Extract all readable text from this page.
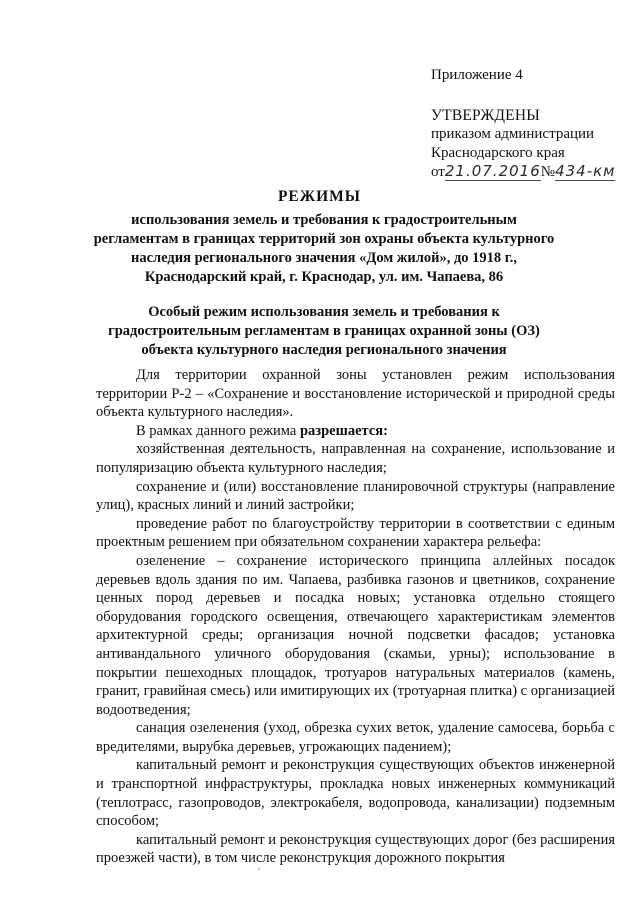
Приложение 4
УТВЕРЖДЕНЫ
приказом администрации
Краснодарского края
от21.07.2016№434-км
РЕЖИМЫ
использования земель и требования к градостроительным регламентам в границах территорий зон охраны объекта культурного наследия регионального значения «Дом жилой», до 1918 г., Краснодарский край, г. Краснодар, ул. им. Чапаева, 86
Особый режим использования земель и требования к градостроительным регламентам в границах охранной зоны (ОЗ) объекта культурного наследия регионального значения

Для территории охранной зоны установлен режим использования территории Р-2 – «Сохранение и восстановление исторической и природной среды объекта культурного наследия».

В рамках данного режима разрешается:

хозяйственная деятельность, направленная на сохранение, использование и популяризацию объекта культурного наследия;

сохранение и (или) восстановление планировочной структуры (направление улиц), красных линий и линий застройки;

проведение работ по благоустройству территории в соответствии с единым проектным решением при обязательном сохранении характера рельефа:

озеленение – сохранение исторического принципа аллейных посадок деревьев вдоль здания по им. Чапаева, разбивка газонов и цветников, сохранение ценных пород деревьев и посадка новых; установка отдельно стоящего оборудования городского освещения, отвечающего характеристикам элементов архитектурной среды; организация ночной подсветки фасадов; установка антивандального уличного оборудования (скамьи, урны); использование в покрытии пешеходных площадок, тротуаров натуральных материалов (камень, гранит, гравийная смесь) или имитирующих их (тротуарная плитка) с организацией водоотведения;

санация озеленения (уход, обрезка сухих веток, удаление самосева, борьба с вредителями, вырубка деревьев, угрожающих падением);

капитальный ремонт и реконструкция существующих объектов инженерной и транспортной инфраструктуры, прокладка новых инженерных коммуникаций (теплотрасс, газопроводов, электрокабеля, водопровода, канализации) подземным способом;

капитальный ремонт и реконструкция существующих дорог (без расширения проезжей части), в том числе реконструкция дорожного покрытия
